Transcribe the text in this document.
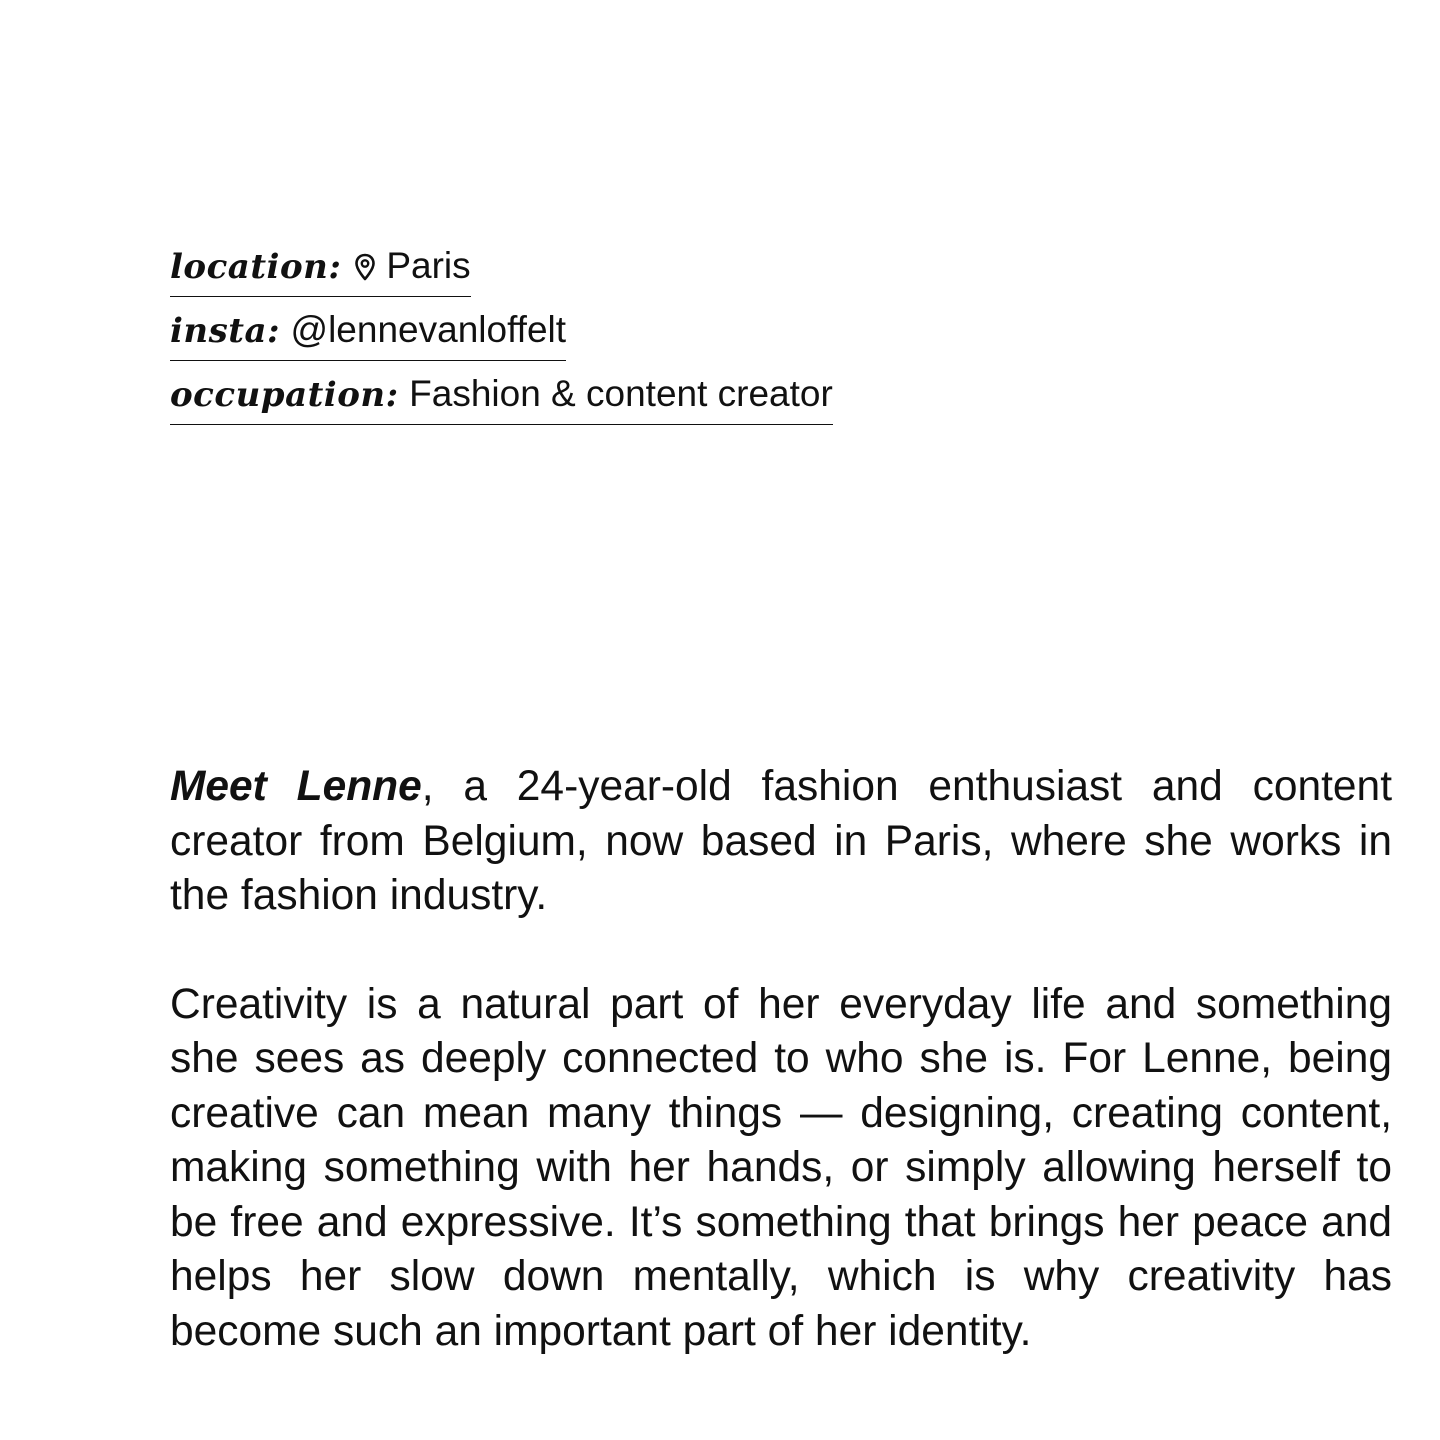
location: Paris
insta: @lennevanloffelt
occupation: Fashion & content creator

Meet Lenne, a 24-year-old fashion enthusiast and content creator from Belgium, now based in Paris, where she works in the fashion industry.

Creativity is a natural part of her everyday life and something she sees as deeply connected to who she is. For Lenne, being creative can mean many things — designing, creating content, making something with her hands, or simply allowing herself to be free and expressive. It’s something that brings her peace and helps her slow down mentally, which is why creativity has become such an important part of her identity.
